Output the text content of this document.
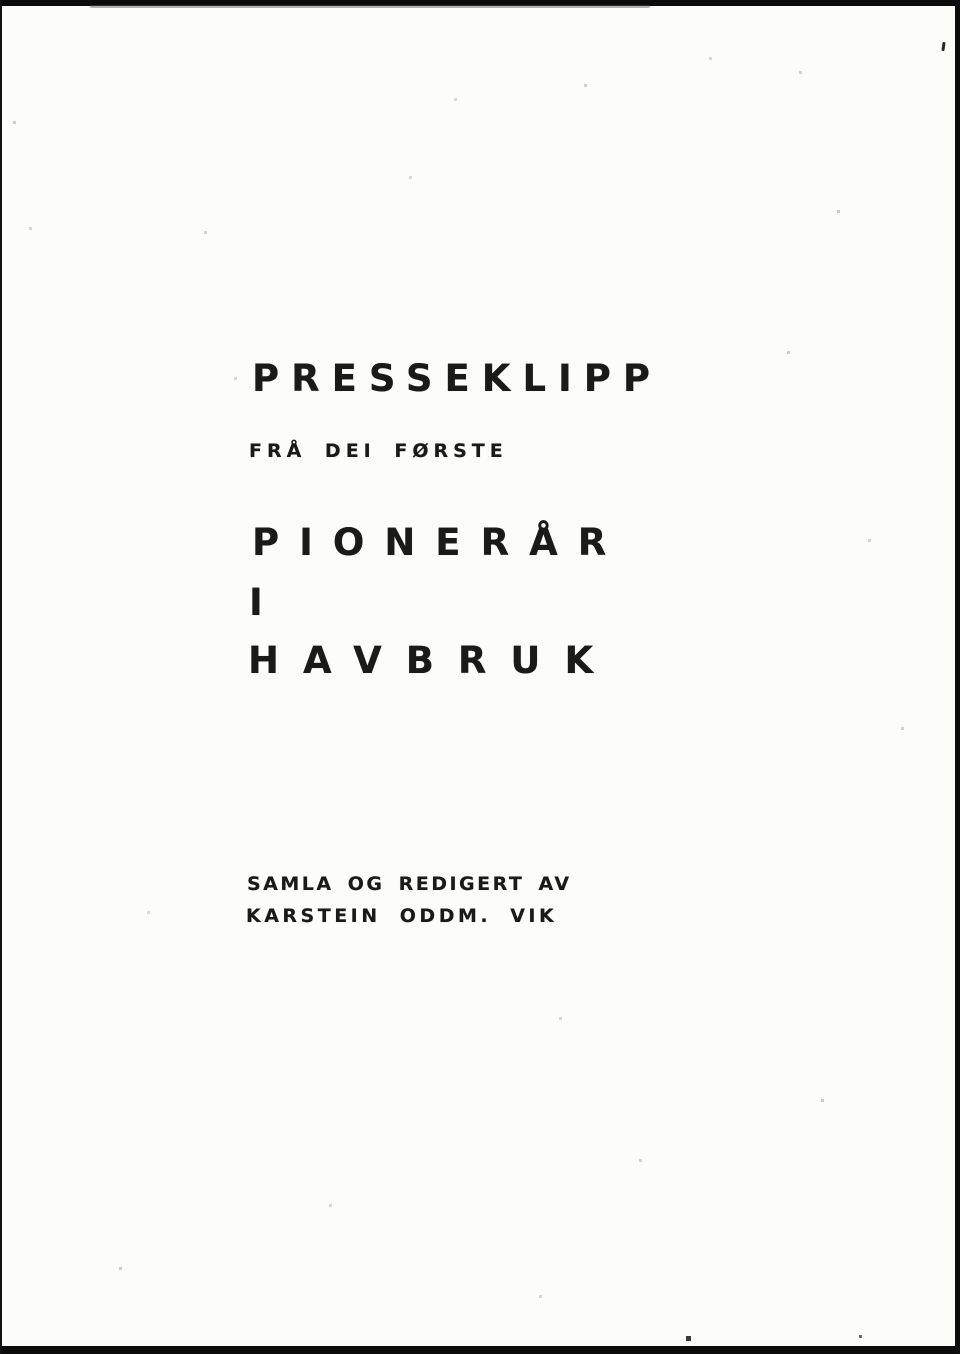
PRESSEKLIPP
FRÅ DEI FØRSTE
PIONERÅR
I
HAVBRUK
SAMLA OG REDIGERT AV
KARSTEIN ODDM. VIK
